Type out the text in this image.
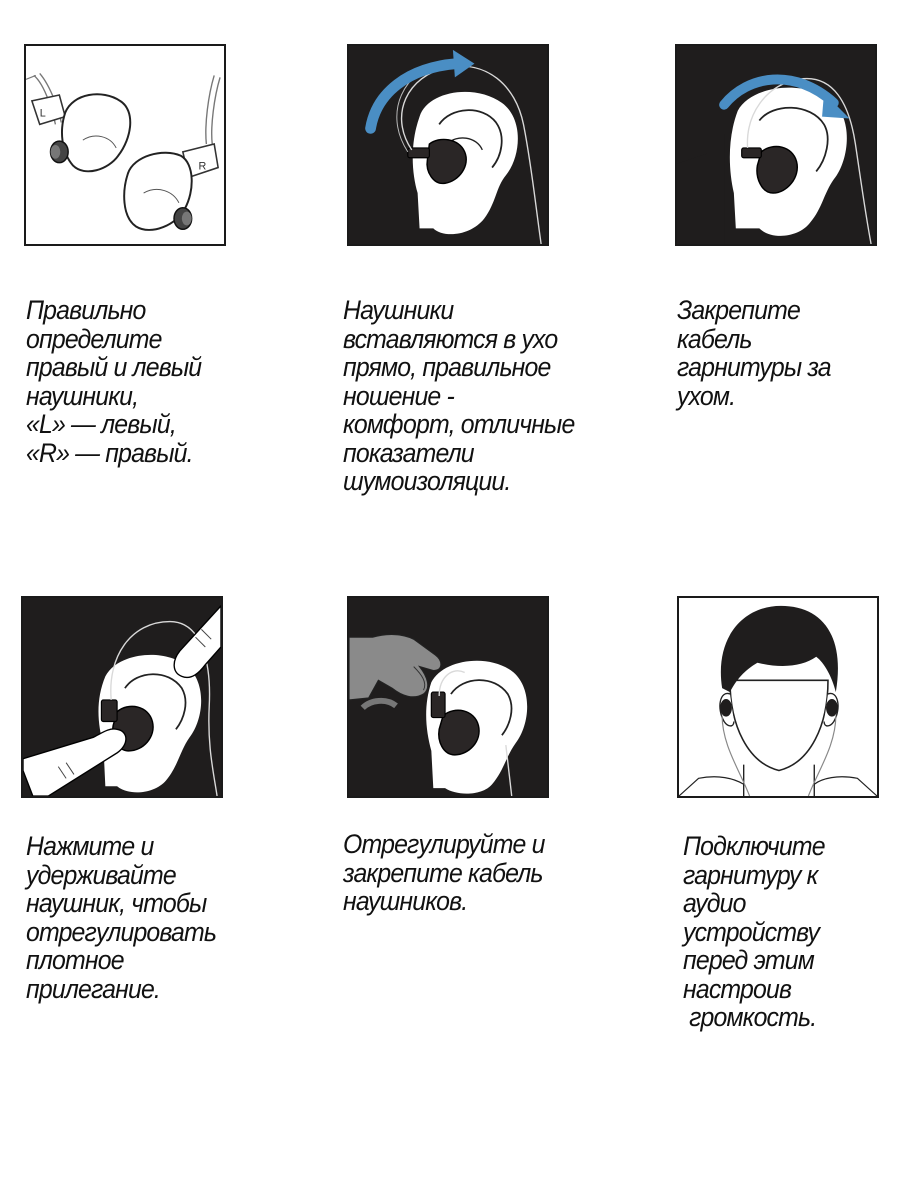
L
R
Правильно
определите
правый и левый
наушники,
«L» — левый,
«R» — правый.
Наушники
вставляются в ухо
прямо, правильное
ношение -
комфорт, отличные
показатели
шумоизоляции.
Закрепите
кабель
гарнитуры за
ухом.
Нажмите и
удерживайте
наушник, чтобы
отрегулировать
плотное
прилегание.
Отрегулируйте и
закрепите кабель
наушников.
Подключите
гарнитуру к
аудио
устройству
перед этим
настроив
громкость.
